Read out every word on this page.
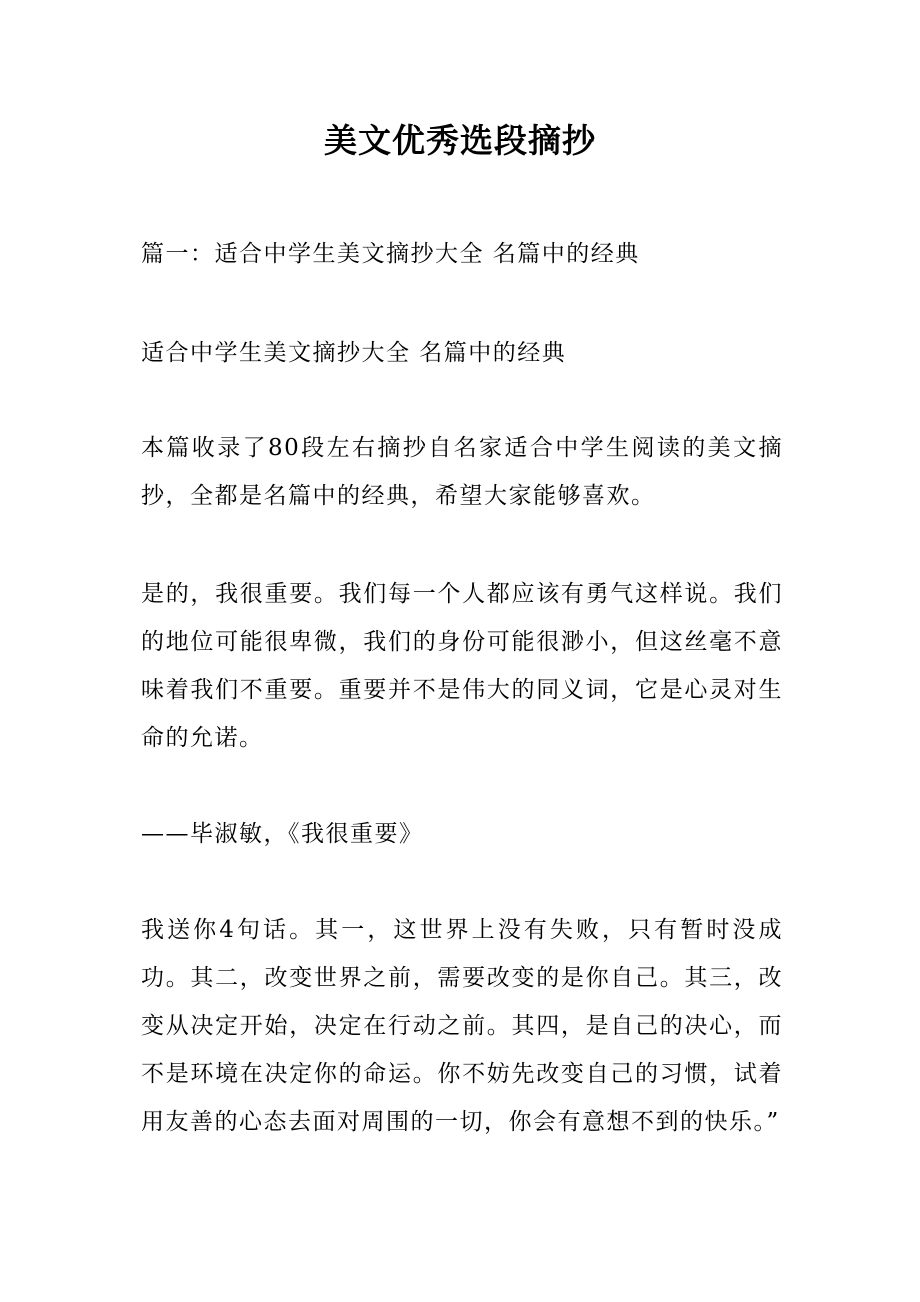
美文优秀选段摘抄

篇一：适合中学生美文摘抄大全 名篇中的经典

适合中学生美文摘抄大全 名篇中的经典

本篇收录了80段左右摘抄自名家适合中学生阅读的美文摘抄，全都是名篇中的经典，希望大家能够喜欢。

是的，我很重要。我们每一个人都应该有勇气这样说。我们的地位可能很卑微，我们的身份可能很渺小，但这丝毫不意味着我们不重要。重要并不是伟大的同义词，它是心灵对生命的允诺。

——毕淑敏，《我很重要》

我送你4句话。其一，这世界上没有失败，只有暂时没成功。其二，改变世界之前，需要改变的是你自己。其三，改变从决定开始，决定在行动之前。其四，是自己的决心，而不是环境在决定你的命运。你不妨先改变自己的习惯，试着用友善的心态去面对周围的一切，你会有意想不到的快乐。”
